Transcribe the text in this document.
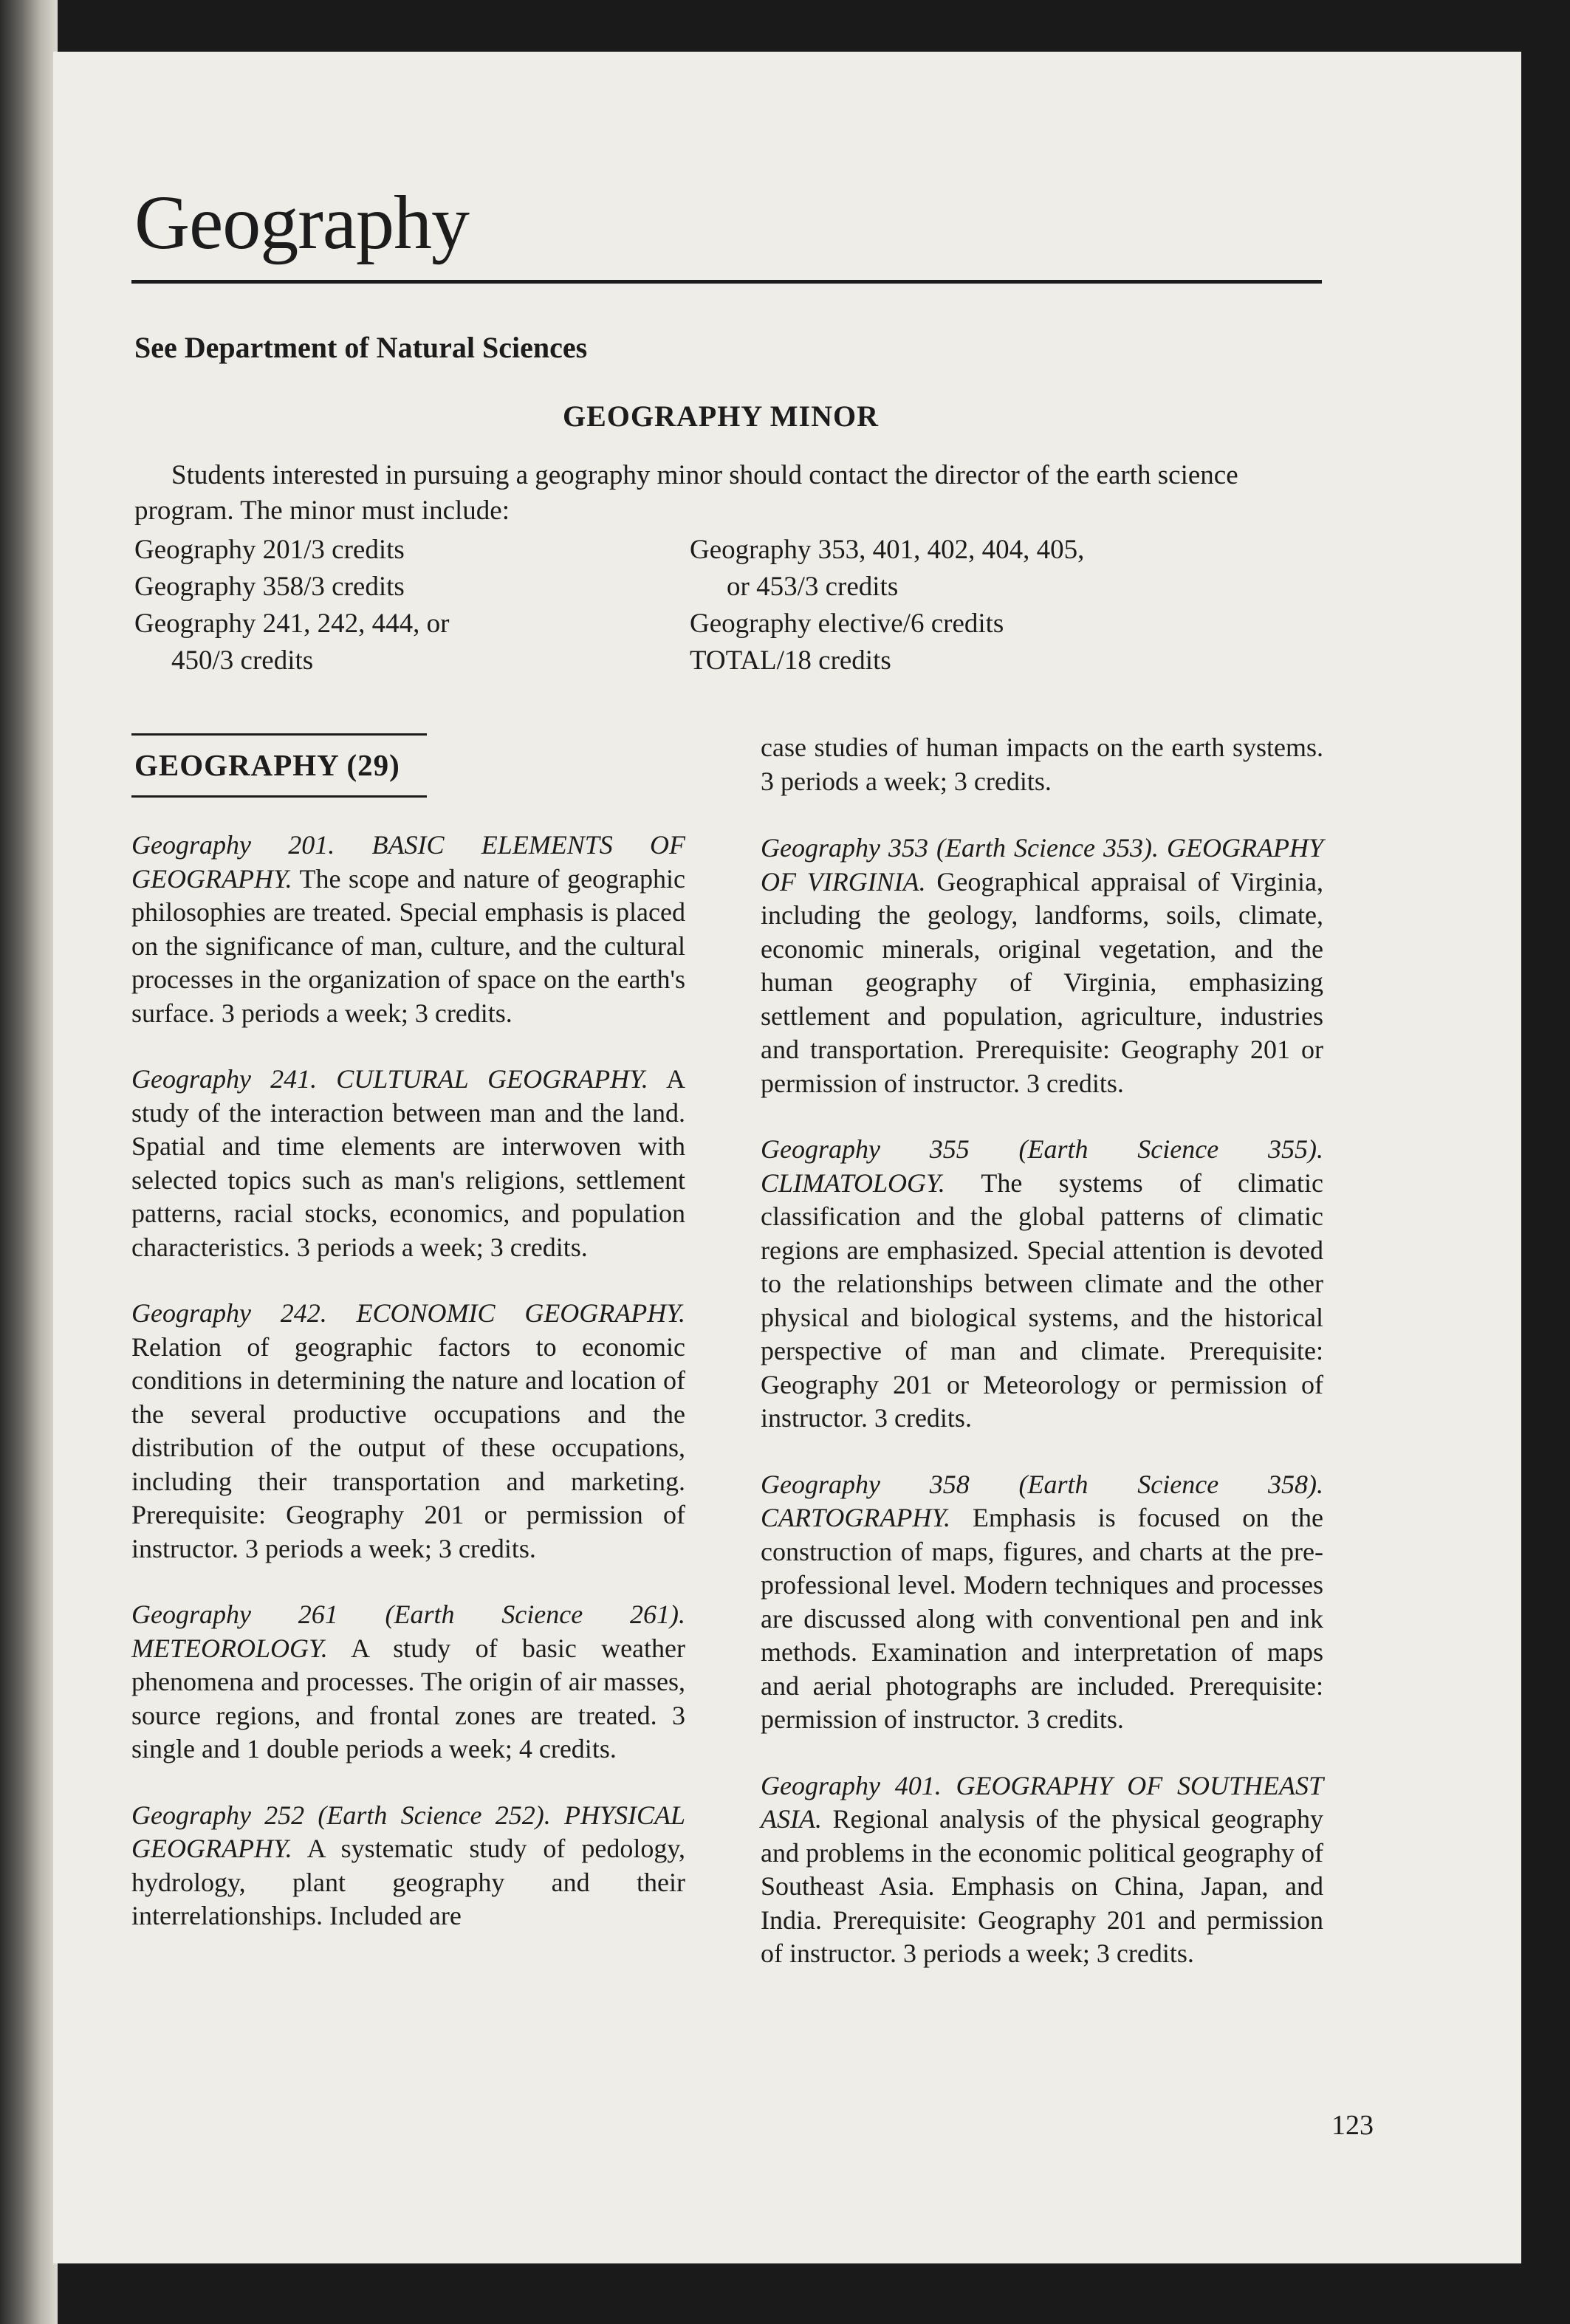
Geography
See Department of Natural Sciences
GEOGRAPHY MINOR

Students interested in pursuing a geography minor should contact the director of the earth science program. The minor must include:

Geography 201/3 credits
Geography 358/3 credits
Geography 241, 242, 444, or
450/3 credits
Geography 353, 401, 402, 404, 405,
or 453/3 credits
Geography elective/6 credits
TOTAL/18 credits
GEOGRAPHY (29)

Geography 201. BASIC ELEMENTS OF GEOGRAPHY. The scope and nature of geographic philosophies are treated. Special emphasis is placed on the significance of man, culture, and the cultural processes in the organization of space on the earth's surface. 3 periods a week; 3 credits.

Geography 241. CULTURAL GEOGRAPHY. A study of the interaction between man and the land. Spatial and time elements are interwoven with selected topics such as man's religions, settlement patterns, racial stocks, economics, and population characteristics. 3 periods a week; 3 credits.

Geography 242. ECONOMIC GEOGRAPHY. Relation of geographic factors to economic conditions in determining the nature and location of the several productive occupations and the distribution of the output of these occupations, including their transportation and marketing. Prerequisite: Geography 201 or permission of instructor. 3 periods a week; 3 credits.

Geography 261 (Earth Science 261). METEOROLOGY. A study of basic weather phenomena and processes. The origin of air masses, source regions, and frontal zones are treated. 3 single and 1 double periods a week; 4 credits.

Geography 252 (Earth Science 252). PHYSICAL GEOGRAPHY. A systematic study of pedology, hydrology, plant geography and their interrelationships. Included are

case studies of human impacts on the earth systems. 3 periods a week; 3 credits.

Geography 353 (Earth Science 353). GEOGRAPHY OF VIRGINIA. Geographical appraisal of Virginia, including the geology, landforms, soils, climate, economic minerals, original vegetation, and the human geography of Virginia, emphasizing settlement and population, agriculture, industries and transportation. Prerequisite: Geography 201 or permission of instructor. 3 credits.

Geography 355 (Earth Science 355). CLIMATOLOGY. The systems of climatic classification and the global patterns of climatic regions are emphasized. Special attention is devoted to the relationships between climate and the other physical and biological systems, and the historical perspective of man and climate. Prerequisite: Geography 201 or Meteorology or permission of instructor. 3 credits.

Geography 358 (Earth Science 358). CARTOGRAPHY. Emphasis is focused on the construction of maps, figures, and charts at the pre-professional level. Modern techniques and processes are discussed along with conventional pen and ink methods. Examination and interpretation of maps and aerial photographs are included. Prerequisite: permission of instructor. 3 credits.

Geography 401. GEOGRAPHY OF SOUTHEAST ASIA. Regional analysis of the physical geography and problems in the economic political geography of Southeast Asia. Emphasis on China, Japan, and India. Prerequisite: Geography 201 and permission of instructor. 3 periods a week; 3 credits.

123
